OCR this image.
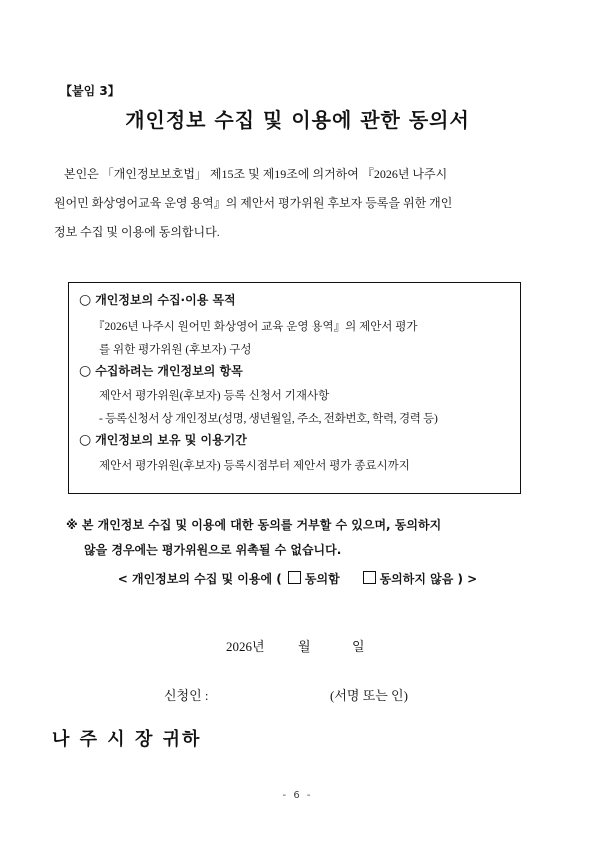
【붙임 3】
개인정보 수집 및 이용에 관한 동의서
본인은 「개인정보보호법」 제15조 및 제19조에 의거하여 『2026년 나주시
원어민 화상영어교육 운영 용역』의 제안서 평가위원 후보자 등록을 위한 개인
정보 수집 및 이용에 동의합니다.
○ 개인정보의 수집·이용 목적
『2026년 나주시 원어민 화상영어 교육 운영 용역』의 제안서 평가
를 위한 평가위원 (후보자) 구성
○ 수집하려는 개인정보의 항목
제안서 평가위원(후보자) 등록 신청서 기재사항
- 등록신청서 상 개인정보(성명, 생년월일, 주소, 전화번호, 학력, 경력 등)
○ 개인정보의 보유 및 이용기간
제안서 평가위원(후보자) 등록시점부터 제안서 평가 종료시까지
※ 본 개인정보 수집 및 이용에 대한 동의를 거부할 수 있으며, 동의하지
않을 경우에는 평가위원으로 위촉될 수 없습니다.
< 개인정보의 수집 및 이용에 ( 동의함	동의하지 않음 ) >
2026년	월	일
신청인 :	(서명 또는 인)
나 주 시 장 귀하
- 6 -
